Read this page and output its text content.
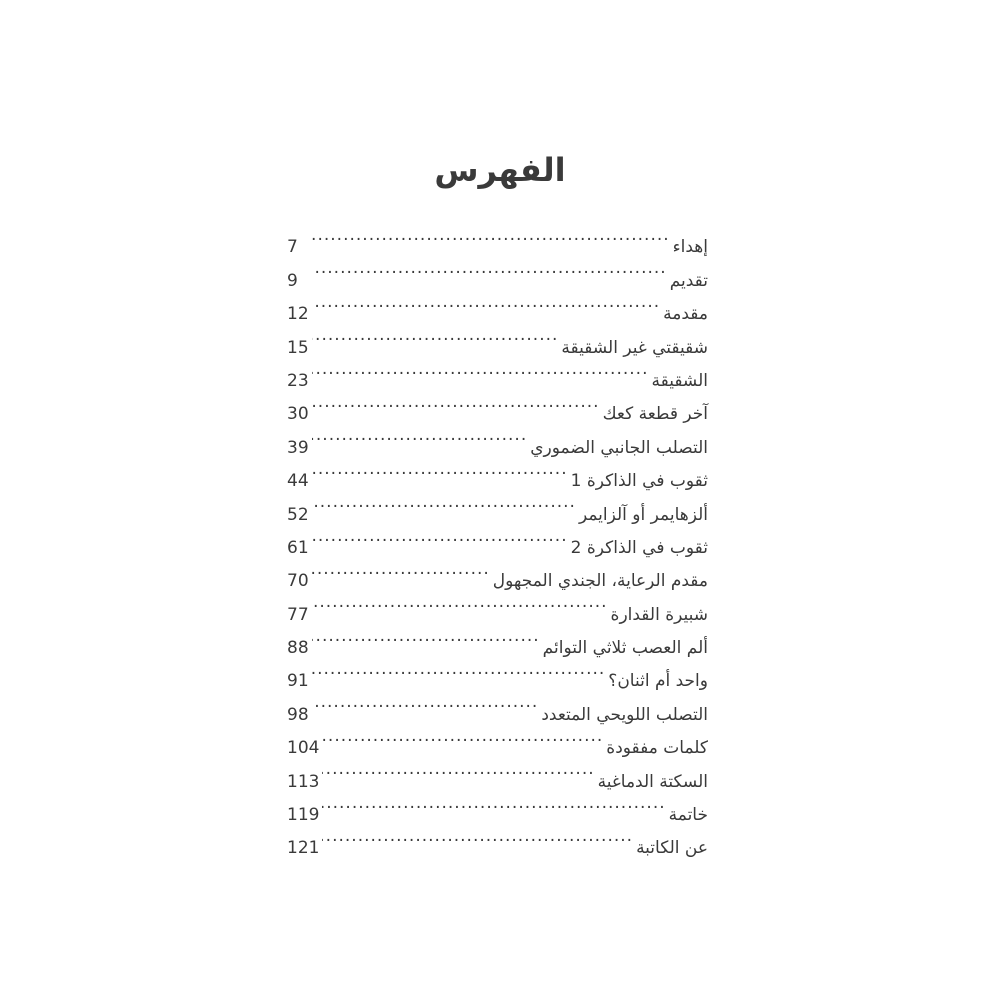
الفهرس
إهداء
.....
7
تقديم
.....
9
مقدمة
.....
12
شقيقتي غير الشقيقة
.....
15
الشقيقة
.....
23
آخر قطعة كعك
.....
30
التصلب الجانبي الضموري
.....
39
ثقوب في الذاكرة 1
.....
44
ألزهايمر أو آلزايمر
.....
52
ثقوب في الذاكرة 2
.....
61
مقدم الرعاية، الجندي المجهول
.....
70
شبيرة القدارة
.....
77
ألم العصب ثلاثي التوائم
.....
88
واحد أم اثنان؟
.....
91
التصلب اللويحي المتعدد
.....
98
كلمات مفقودة
.....
104
السكتة الدماغية
.....
113
خاتمة
.....
119
عن الكاتبة
.....
121
